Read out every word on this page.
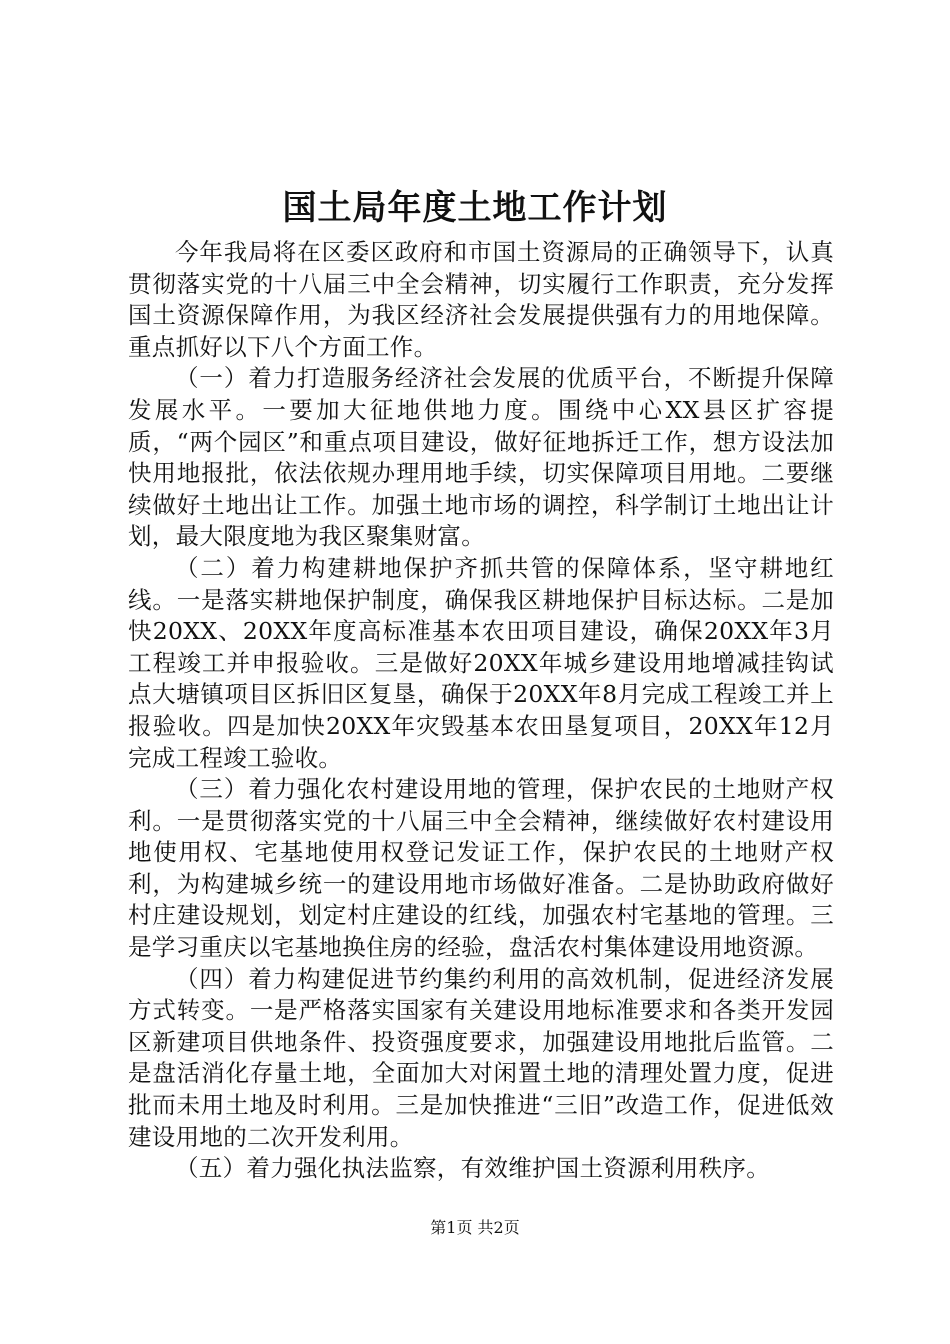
国土局年度土地工作计划

今年我局将在区委区政府和市国土资源局的正确领导下，认真贯彻落实党的十八届三中全会精神，切实履行工作职责，充分发挥国土资源保障作用，为我区经济社会发展提供强有力的用地保障。重点抓好以下八个方面工作。

（一）着力打造服务经济社会发展的优质平台，不断提升保障发展水平。一要加大征地供地力度。围绕中心XX县区扩容提质，“两个园区”和重点项目建设，做好征地拆迁工作，想方设法加快用地报批，依法依规办理用地手续，切实保障项目用地。二要继续做好土地出让工作。加强土地市场的调控，科学制订土地出让计划，最大限度地为我区聚集财富。

（二）着力构建耕地保护齐抓共管的保障体系，坚守耕地红线。一是落实耕地保护制度，确保我区耕地保护目标达标。二是加快20XX、20XX年度高标准基本农田项目建设，确保20XX年3月工程竣工并申报验收。三是做好20XX年城乡建设用地增减挂钩试点大塘镇项目区拆旧区复垦，确保于20XX年8月完成工程竣工并上报验收。四是加快20XX年灾毁基本农田垦复项目，20XX年12月完成工程竣工验收。

（三）着力强化农村建设用地的管理，保护农民的土地财产权利。一是贯彻落实党的十八届三中全会精神，继续做好农村建设用地使用权、宅基地使用权登记发证工作，保护农民的土地财产权利，为构建城乡统一的建设用地市场做好准备。二是协助政府做好村庄建设规划，划定村庄建设的红线，加强农村宅基地的管理。三是学习重庆以宅基地换住房的经验，盘活农村集体建设用地资源。

（四）着力构建促进节约集约利用的高效机制，促进经济发展方式转变。一是严格落实国家有关建设用地标准要求和各类开发园区新建项目供地条件、投资强度要求，加强建设用地批后监管。二是盘活消化存量土地，全面加大对闲置土地的清理处置力度，促进批而未用土地及时利用。三是加快推进“三旧”改造工作，促进低效建设用地的二次开发利用。

（五）着力强化执法监察，有效维护国土资源利用秩序。

第1页 共2页
